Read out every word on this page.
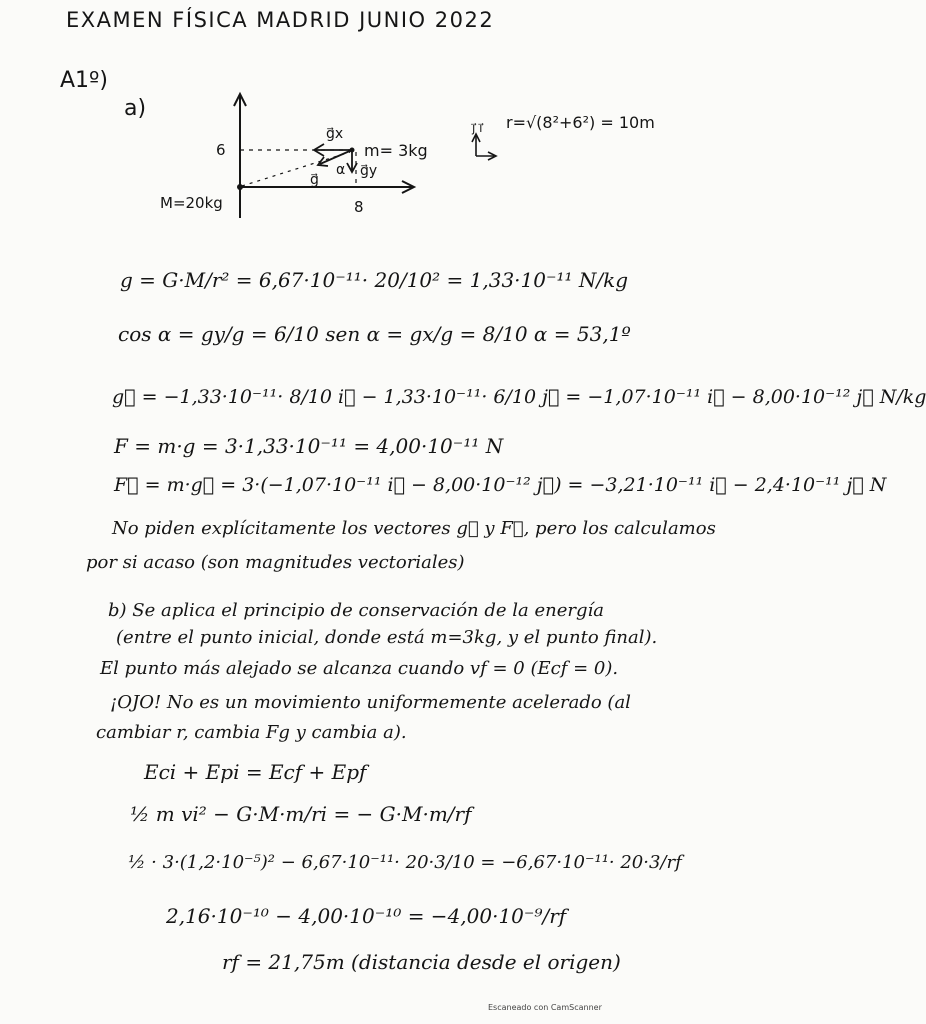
EXAMEN FÍSICA MADRID JUNIO 2022
A1º)
a)
6
8
g⃗x
g⃗
α g⃗y
m= 3kg
M=20kg
j⃗ i⃗ r=√(8²+6²) = 10m
g = G·M/r² = 6,67·10⁻¹¹· 20/10² = 1,33·10⁻¹¹ N/kg
cos α = gy/g = 6/10 sen α = gx/g = 8/10 α = 53,1º
g⃗ = −1,33·10⁻¹¹· 8/10 i⃗ − 1,33·10⁻¹¹· 6/10 j⃗ = −1,07·10⁻¹¹ i⃗ − 8,00·10⁻¹² j⃗ N/kg
F = m·g = 3·1,33·10⁻¹¹ = 4,00·10⁻¹¹ N
F⃗ = m·g⃗ = 3·(−1,07·10⁻¹¹ i⃗ − 8,00·10⁻¹² j⃗) = −3,21·10⁻¹¹ i⃗ − 2,4·10⁻¹¹ j⃗ N
No piden explícitamente los vectores g⃗ y F⃗, pero los calculamos
por si acaso (son magnitudes vectoriales)
b) Se aplica el principio de conservación de la energía
(entre el punto inicial, donde está m=3kg, y el punto final).
El punto más alejado se alcanza cuando vf = 0 (Ecf = 0).
¡OJO! No es un movimiento uniformemente acelerado (al
cambiar r, cambia Fg y cambia a).
Eci + Epi = Ecf + Epf
½ m vi² − G·M·m/ri = − G·M·m/rf
½ · 3·(1,2·10⁻⁵)² − 6,67·10⁻¹¹· 20·3/10 = −6,67·10⁻¹¹· 20·3/rf
2,16·10⁻¹⁰ − 4,00·10⁻¹⁰ = −4,00·10⁻⁹/rf
rf = 21,75m (distancia desde el origen)
Escaneado con CamScanner
